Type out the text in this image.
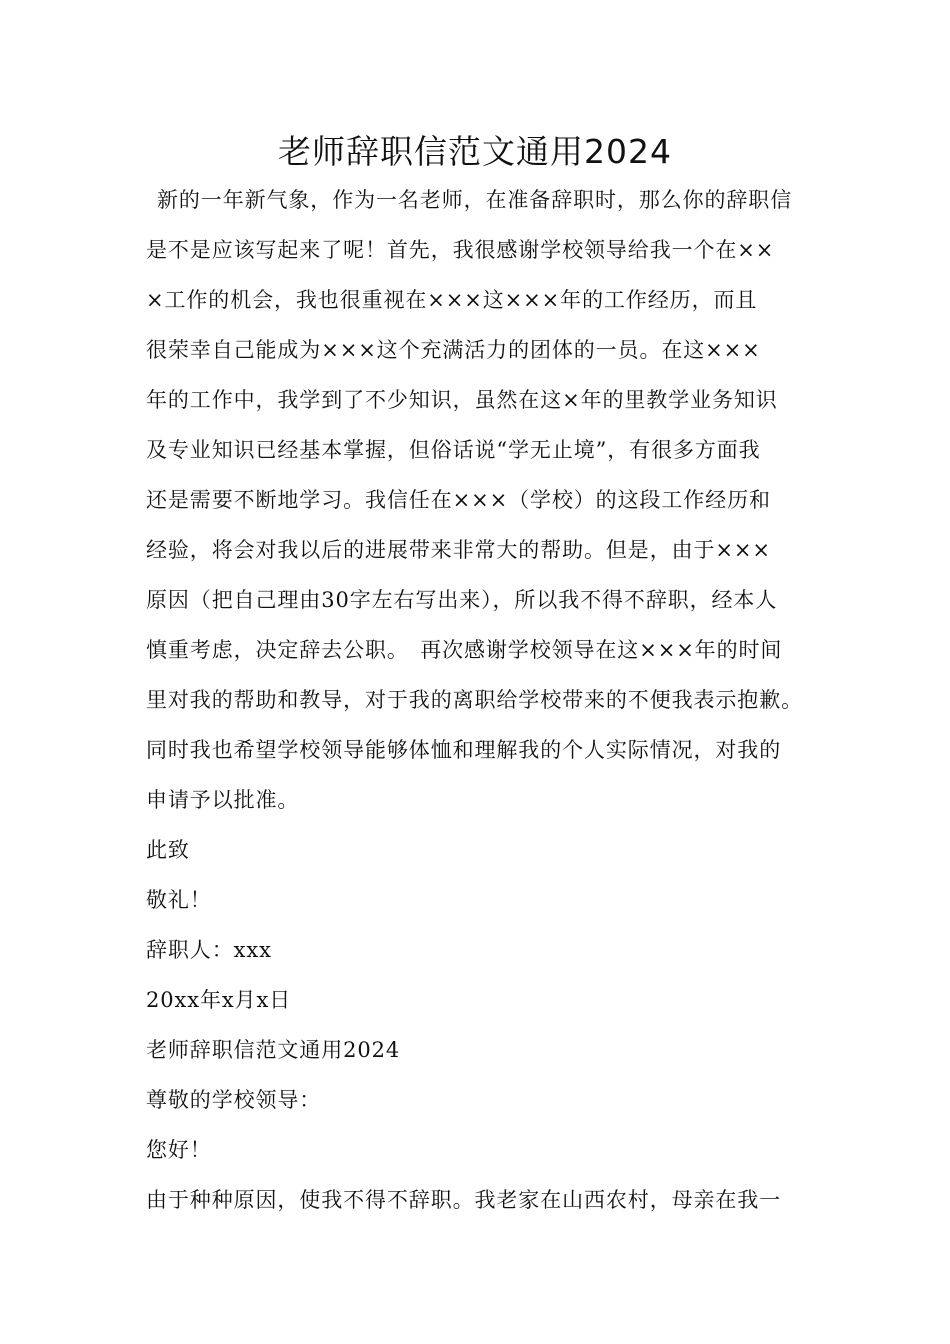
老师辞职信范文通用2024
新的一年新气象，作为一名老师，在准备辞职时，那么你的辞职信
是不是应该写起来了呢！首先，我很感谢学校领导给我一个在××
×工作的机会，我也很重视在×××这×××年的工作经历，而且
很荣幸自己能成为×××这个充满活力的团体的一员。在这×××
年的工作中，我学到了不少知识，虽然在这×年的里教学业务知识
及专业知识已经基本掌握，但俗话说“学无止境”，有很多方面我
还是需要不断地学习。我信任在×××（学校）的这段工作经历和
经验，将会对我以后的进展带来非常大的帮助。但是，由于×××
原因（把自己理由30字左右写出来），所以我不得不辞职，经本人
慎重考虑，决定辞去公职。　再次感谢学校领导在这×××年的时间
里对我的帮助和教导，对于我的离职给学校带来的不便我表示抱歉。
同时我也希望学校领导能够体恤和理解我的个人实际情况，对我的
申请予以批准。
此致
敬礼！
辞职人：xxx
20xx年x月x日
老师辞职信范文通用2024
尊敬的学校领导：
您好！
由于种种原因，使我不得不辞职。我老家在山西农村，母亲在我一
